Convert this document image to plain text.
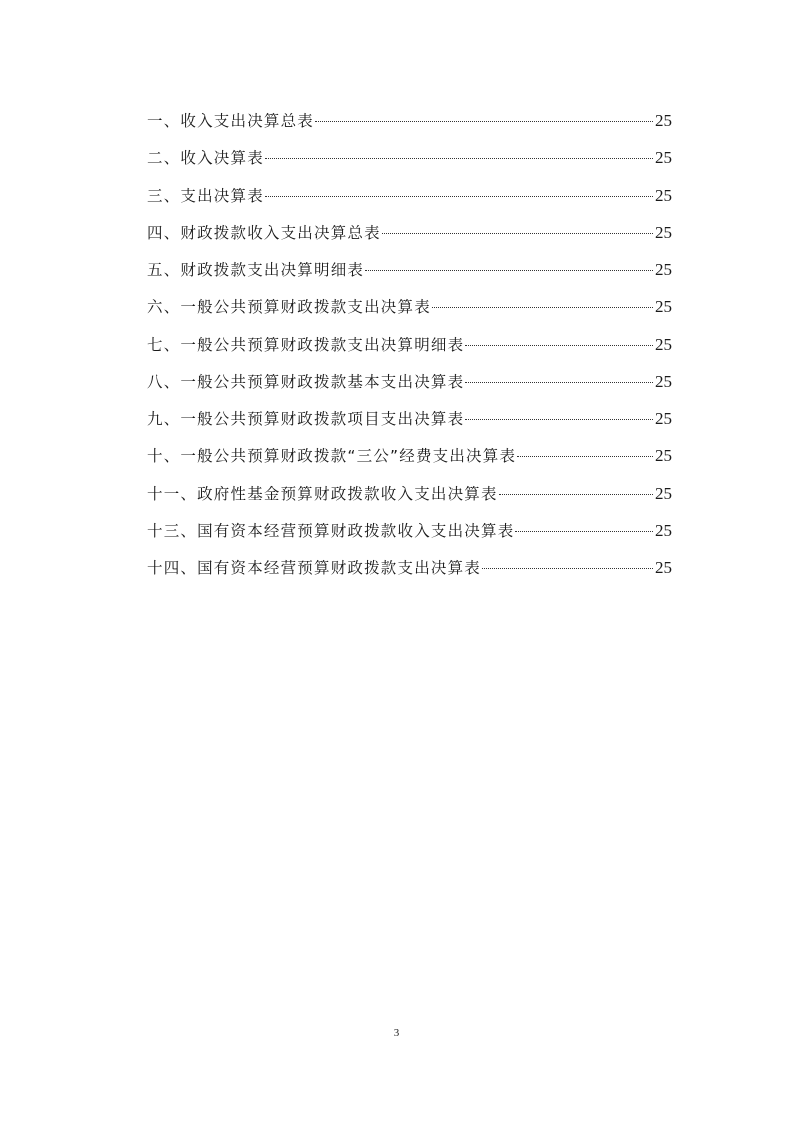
一、收入支出决算总表	25
二、收入决算表	25
三、支出决算表	25
四、财政拨款收入支出决算总表	25
五、财政拨款支出决算明细表	25
六、一般公共预算财政拨款支出决算表	25
七、一般公共预算财政拨款支出决算明细表	25
八、一般公共预算财政拨款基本支出决算表	25
九、一般公共预算财政拨款项目支出决算表	25
十、一般公共预算财政拨款“三公”经费支出决算表	25
十一、政府性基金预算财政拨款收入支出决算表	25
十三、国有资本经营预算财政拨款收入支出决算表	25
十四、国有资本经营预算财政拨款支出决算表	25
3
